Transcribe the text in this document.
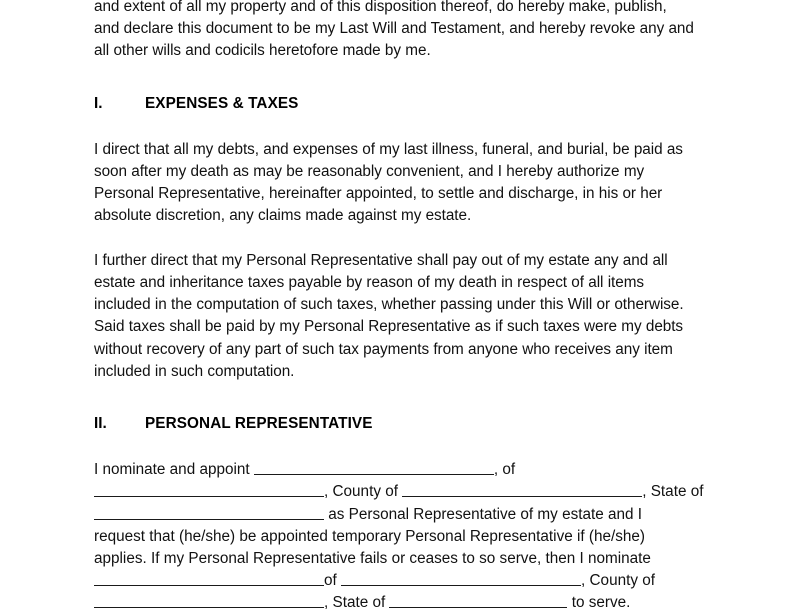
and extent of all my property and of this disposition thereof, do hereby make, publish, and declare this document to be my Last Will and Testament, and hereby revoke any and all other wills and codicils heretofore made by me.

I.	EXPENSES & TAXES

I direct that all my debts, and expenses of my last illness, funeral, and burial, be paid as soon after my death as may be reasonably convenient, and I hereby authorize my Personal Representative, hereinafter appointed, to settle and discharge, in his or her absolute discretion, any claims made against my estate.

I further direct that my Personal Representative shall pay out of my estate any and all estate and inheritance taxes payable by reason of my death in respect of all items included in the computation of such taxes, whether passing under this Will or otherwise. Said taxes shall be paid by my Personal Representative as if such taxes were my debts without recovery of any part of such tax payments from anyone who receives any item included in such computation.

II.	PERSONAL REPRESENTATIVE
I nominate and appoint	, of
, County of	, State of
as Personal Representative of my estate and I
request that (he/she) be appointed temporary Personal Representative if (he/she)
applies. If my Personal Representative fails or ceases to so serve, then I nominate
of	, County of
, State of	to serve.
